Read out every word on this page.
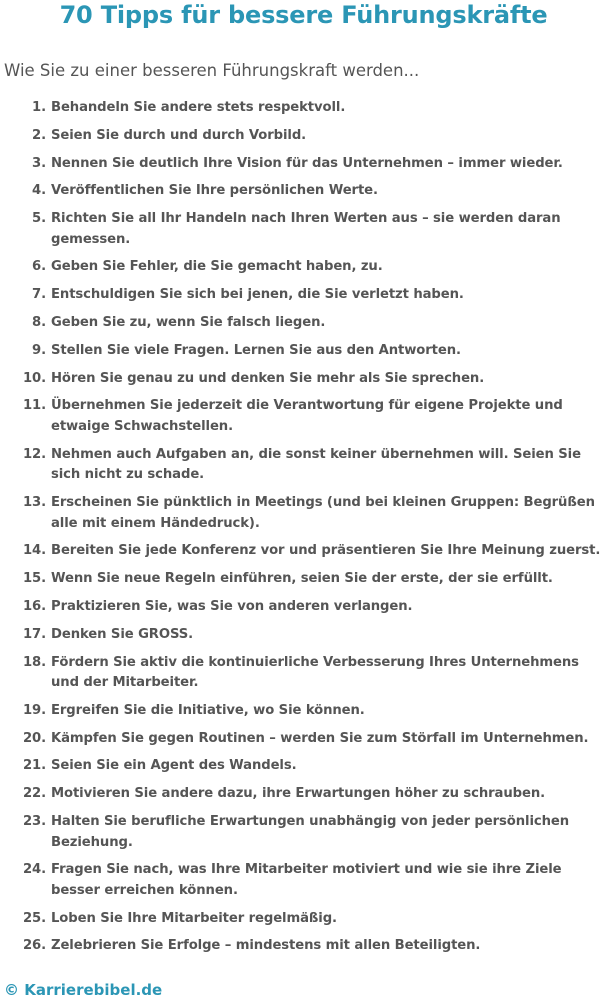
70 Tipps für bessere Führungskräfte
Wie Sie zu einer besseren Führungskraft werden...
1. Behandeln Sie andere stets respektvoll.
2. Seien Sie durch und durch Vorbild.
3. Nennen Sie deutlich Ihre Vision für das Unternehmen – immer wieder.
4. Veröffentlichen Sie Ihre persönlichen Werte.
5. Richten Sie all Ihr Handeln nach Ihren Werten aus – sie werden daran gemessen.
6. Geben Sie Fehler, die Sie gemacht haben, zu.
7. Entschuldigen Sie sich bei jenen, die Sie verletzt haben.
8. Geben Sie zu, wenn Sie falsch liegen.
9. Stellen Sie viele Fragen. Lernen Sie aus den Antworten.
10. Hören Sie genau zu und denken Sie mehr als Sie sprechen.
11. Übernehmen Sie jederzeit die Verantwortung für eigene Projekte und etwaige Schwachstellen.
12. Nehmen auch Aufgaben an, die sonst keiner übernehmen will. Seien Sie sich nicht zu schade.
13. Erscheinen Sie pünktlich in Meetings (und bei kleinen Gruppen: Begrüßen alle mit einem Händedruck).
14. Bereiten Sie jede Konferenz vor und präsentieren Sie Ihre Meinung zuerst.
15. Wenn Sie neue Regeln einführen, seien Sie der erste, der sie erfüllt.
16. Praktizieren Sie, was Sie von anderen verlangen.
17. Denken Sie GROSS.
18. Fördern Sie aktiv die kontinuierliche Verbesserung Ihres Unternehmens und der Mitarbeiter.
19. Ergreifen Sie die Initiative, wo Sie können.
20. Kämpfen Sie gegen Routinen – werden Sie zum Störfall im Unternehmen.
21. Seien Sie ein Agent des Wandels.
22. Motivieren Sie andere dazu, ihre Erwartungen höher zu schrauben.
23. Halten Sie berufliche Erwartungen unabhängig von jeder persönlichen Beziehung.
24. Fragen Sie nach, was Ihre Mitarbeiter motiviert und wie sie ihre Ziele besser erreichen können.
25. Loben Sie Ihre Mitarbeiter regelmäßig.
26. Zelebrieren Sie Erfolge – mindestens mit allen Beteiligten.
© Karrierebibel.de
